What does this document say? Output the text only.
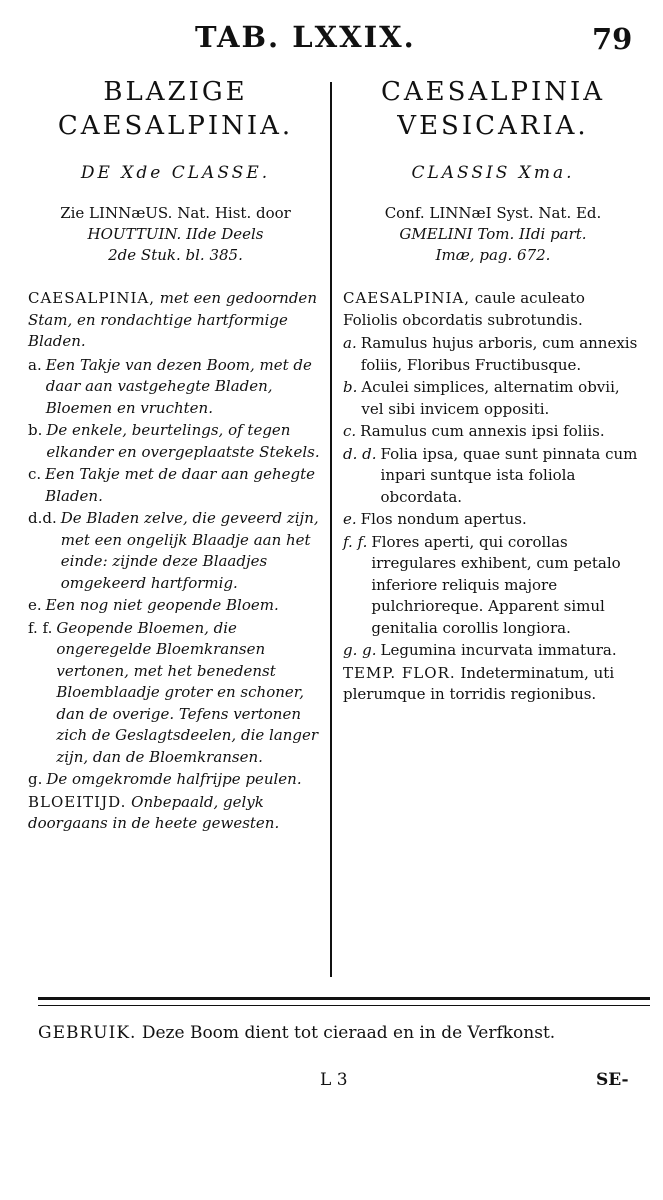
TAB. LXXIX.	79
BLAZIGE
CAESALPINIA.
DE Xde CLASSE.
Zie LINNæUS. Nat. Hist. door
HOUTTUIN. IIde Deels
2de Stuk. bl. 385.
CAESALPINIA, met een gedoornden Stam, en rondachtige hartformige Bladen.
a. Een Takje van dezen Boom, met de daar aan vastgehegte Bladen, Bloemen en vruchten.
b. De enkele, beurtelings, of tegen elkander en overgeplaatste Stekels.
c. Een Takje met de daar aan gehegte Bladen.
d.d. De Bladen zelve, die geveerd zijn, met een ongelijk Blaadje aan het einde: zijnde deze Blaadjes omgekeerd hartformig.
e. Een nog niet geopende Bloem.
f. f. Geopende Bloemen, die ongeregelde Bloemkransen vertonen, met het benedenst Bloemblaadje groter en schoner, dan de overige. Tefens vertonen zich de Geslagtsdeelen, die langer zijn, dan de Bloemkransen.
g. De omgekromde halfrijpe peulen.
BLOEITIJD. Onbepaald, gelyk doorgaans in de heete gewesten.
CAESALPINIA
VESICARIA.
CLASSIS Xma.
Conf. LINNæI Syst. Nat. Ed.
GMELINI Tom. IIdi part.
Imæ, pag. 672.
CAESALPINIA, caule aculeato Foliolis obcordatis subrotundis.
a. Ramulus hujus arboris, cum annexis foliis, Floribus Fructibusque.
b. Aculei simplices, alternatim obvii, vel sibi invicem oppositi.
c. Ramulus cum annexis ipsi foliis.
d. d. Folia ipsa, quae sunt pinnata cum inpari suntque ista foliola obcordata.
e. Flos nondum apertus.
f. f. Flores aperti, qui corollas irregulares exhibent, cum petalo inferiore reliquis majore pulchrioreque. Apparent simul genitalia corollis longiora.
g. g. Legumina incurvata immatura.
TEMP. FLOR. Indeterminatum, uti plerumque in torridis regionibus.
GEBRUIK. Deze Boom dient tot cieraad en in de Verfkonst.
L 3	SE-
